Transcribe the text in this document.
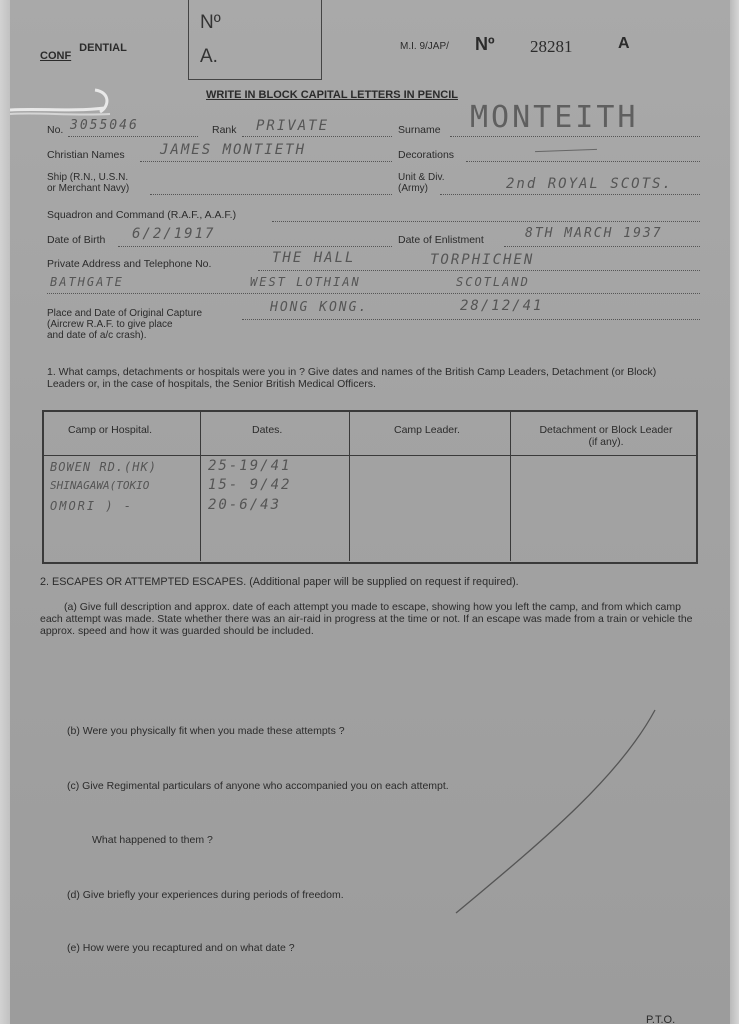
Nº
A.
CONFDENTIAL	M.I. 9/JAP/ Nº 28281	A
WRITE IN BLOCK CAPITAL LETTERS IN PENCIL
No. 3055046	Rank PRIVATE	Surname MONTEITH
Christian Names	JAMES MONTIETH	Decorations
Ship (R.N., U.S.N.
or Merchant Navy)
Unit & Div.
(Army)	2nd ROYAL SCOTS.
Squadron and Command (R.A.F., A.A.F.)
Date of Birth 6/2/1917	Date of Enlistment	8TH MARCH 1937
Private Address and Telephone No.	THE HALL	TORPHICHEN
BATHGATE	WEST LOTHIAN	SCOTLAND
Place and Date of Original Capture
(Aircrew R.A.F. to give place
and date of a/c crash).
HONG KONG.	28/12/41
1. What camps, detachments or hospitals were you in ? Give dates and names of the British Camp Leaders, Detachment (or Block) Leaders or, in the case of hospitals, the Senior British Medical Officers.
Camp or Hospital.	Dates.	Camp Leader.	Detachment or Block Leader (if any).
BOWEN RD.(HK)	25-19/41
SHINAGAWA(TOKIO	15- 9/42
OMORI ) -	20-6/43
2. ESCAPES OR ATTEMPTED ESCAPES. (Additional paper will be supplied on request if required).
(a) Give full description and approx. date of each attempt you made to escape, showing how you left the camp, and from which camp each attempt was made. State whether there was an air-raid in progress at the time or not. If an escape was made from a train or vehicle the approx. speed and how it was guarded should be included.
(b) Were you physically fit when you made these attempts ?
(c) Give Regimental particulars of anyone who accompanied you on each attempt.
What happened to them ?
(d) Give briefly your experiences during periods of freedom.
(e) How were you recaptured and on what date ?
P.T.O.
